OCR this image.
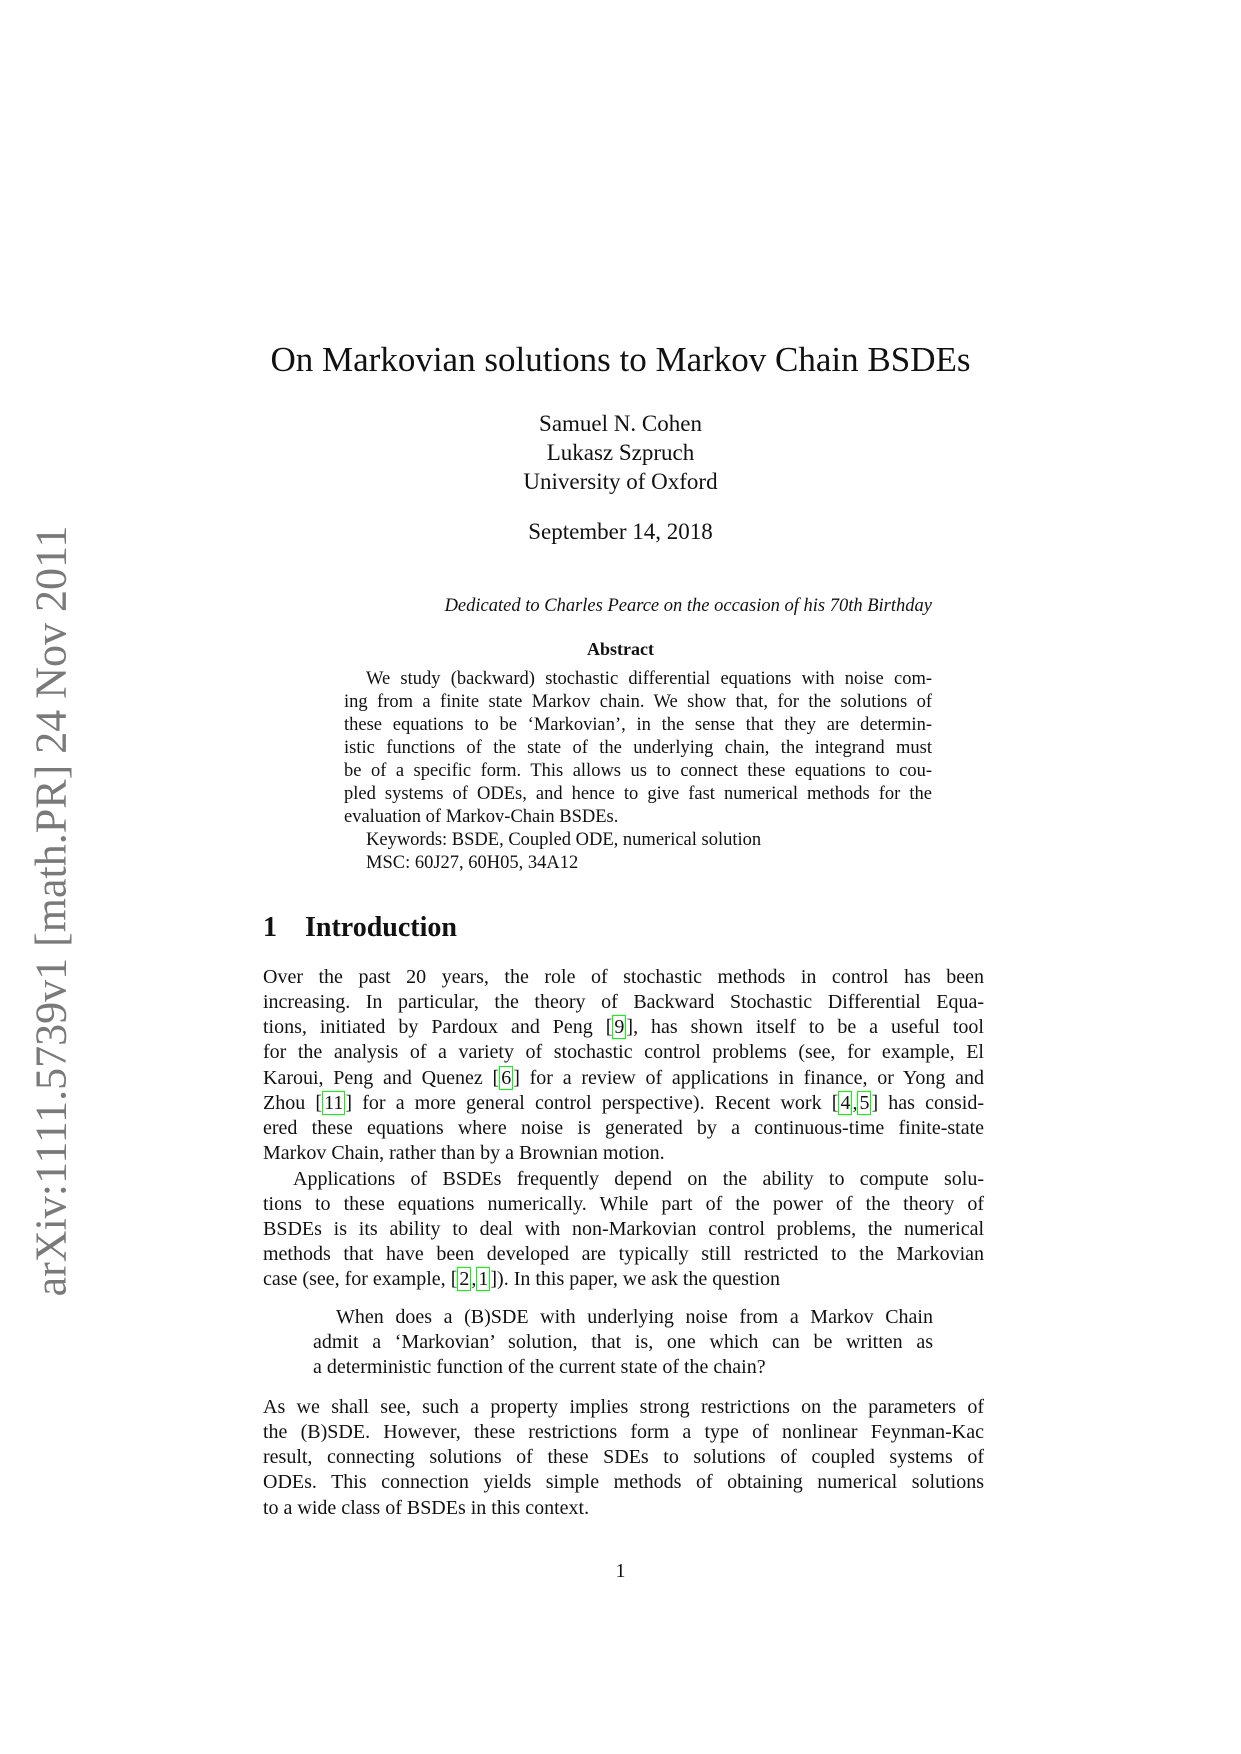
arXiv:1111.5739v1 [math.PR] 24 Nov 2011
On Markovian solutions to Markov Chain BSDEs
Samuel N. Cohen
Lukasz Szpruch
University of Oxford
September 14, 2018
Dedicated to Charles Pearce on the occasion of his 70th Birthday
Abstract
We study (backward) stochastic differential equations with noise com-
ing from a finite state Markov chain. We show that, for the solutions of
these equations to be ‘Markovian’, in the sense that they are determin-
istic functions of the state of the underlying chain, the integrand must
be of a specific form. This allows us to connect these equations to cou-
pled systems of ODEs, and hence to give fast numerical methods for the
evaluation of Markov-Chain BSDEs.
Keywords: BSDE, Coupled ODE, numerical solution
MSC: 60J27, 60H05, 34A12
1 Introduction
Over the past 20 years, the role of stochastic methods in control has been
increasing. In particular, the theory of Backward Stochastic Differential Equa-
tions, initiated by Pardoux and Peng [ 9 ], has shown itself to be a useful tool
for the analysis of a variety of stochastic control problems (see, for example, El
Karoui, Peng and Quenez [ 6 ] for a review of applications in finance, or Yong and
Zhou [ 11 ] for a more general control perspective). Recent work [ 4 , 5 ] has consid-
ered these equations where noise is generated by a continuous-time finite-state
Markov Chain, rather than by a Brownian motion.
Applications of BSDEs frequently depend on the ability to compute solu-
tions to these equations numerically. While part of the power of the theory of
BSDEs is its ability to deal with non-Markovian control problems, the numerical
methods that have been developed are typically still restricted to the Markovian
case (see, for example, [ 2 , 1 ]). In this paper, we ask the question
When does a (B)SDE with underlying noise from a Markov Chain
admit a ‘Markovian’ solution, that is, one which can be written as
a deterministic function of the current state of the chain?
As we shall see, such a property implies strong restrictions on the parameters of
the (B)SDE. However, these restrictions form a type of nonlinear Feynman-Kac
result, connecting solutions of these SDEs to solutions of coupled systems of
ODEs. This connection yields simple methods of obtaining numerical solutions
to a wide class of BSDEs in this context.
1
